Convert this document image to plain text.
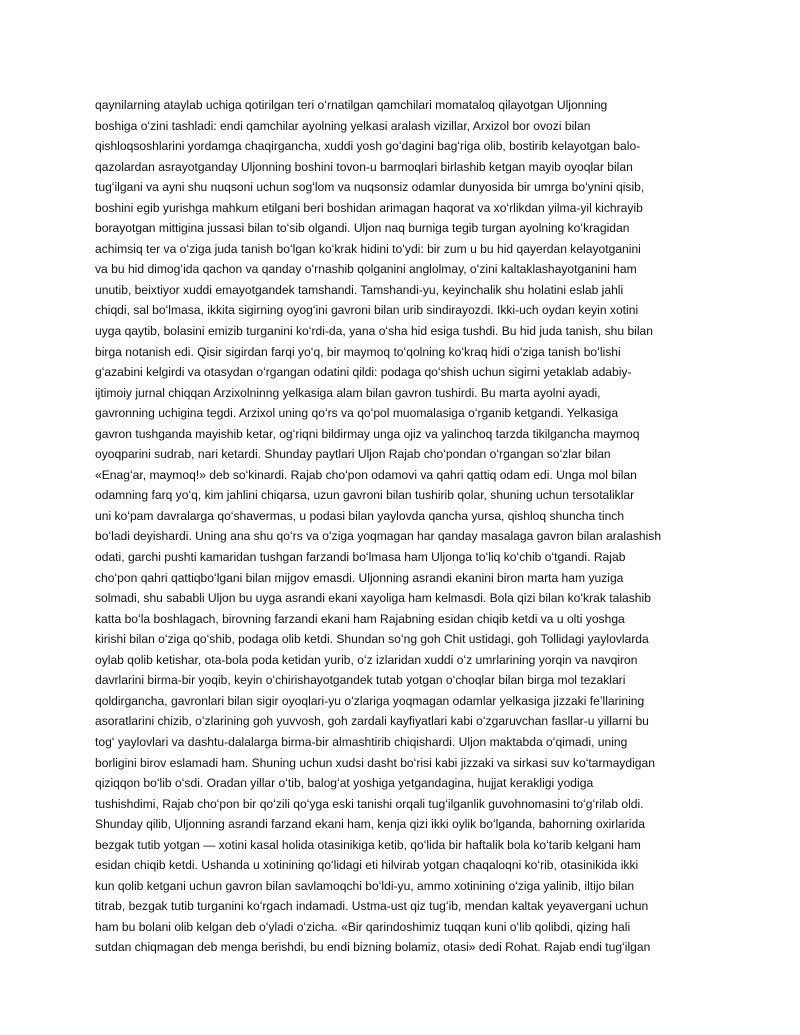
qaynilarning ataylab uchiga qotirilgan teri oʻrnatilgan qamchilari momataloq qilayotgan Uljonning
boshiga oʻzini tashladi: endi qamchilar ayolning yelkasi aralash vizillar, Arxizol bor ovozi bilan
qishloqsoshlarini yordamga chaqirgancha, xuddi yosh goʻdagini bagʻriga olib, bostirib kelayotgan balo-
qazolardan asrayotganday Uljonning boshini tovon-u barmoqlari birlashib ketgan mayib oyoqlar bilan
tugʻilgani va ayni shu nuqsoni uchun sogʻlom va nuqsonsiz odamlar dunyosida bir umrga boʻynini qisib,
boshini egib yurishga mahkum etilgani beri boshidan arimagan haqorat va xoʻrlikdan yilma-yil kichrayib
borayotgan mittigina jussasi bilan toʻsib olgandi. Uljon naq burniga tegib turgan ayolning koʻkragidan
achimsiq ter va oʻziga juda tanish boʻlgan koʻkrak hidini toʻydi: bir zum u bu hid qayerdan kelayotganini
va bu hid dimogʻida qachon va qanday oʻrnashib qolganini anglolmay, oʻzini kaltaklashayotganini ham
unutib, beixtiyor xuddi emayotgandek tamshandi. Tamshandi-yu, keyinchalik shu holatini eslab jahli
chiqdi, sal boʻlmasa, ikkita sigirning oyogʻini gavroni bilan urib sindirayozdi. Ikki-uch oydan keyin xotini
uyga qaytib, bolasini emizib turganini koʻrdi-da, yana oʻsha hid esiga tushdi. Bu hid juda tanish, shu bilan
birga notanish edi. Qisir sigirdan farqi yoʻq, bir maymoq toʻqolning koʻkraq hidi oʻziga tanish boʻlishi
gʻazabini kelgirdi va otasydan oʻrgangan odatini qildi: podaga qoʻshish uchun sigirni yetaklab adabiy-
ijtimoiy jurnal chiqqan Arzixolninng yelkasiga alam bilan gavron tushirdi. Bu marta ayolni ayadi,
gavronning uchigina tegdi. Arzixol uning qoʻrs va qoʻpol muomalasiga oʻrganib ketgandi. Yelkasiga
gavron tushganda mayishib ketar, ogʻriqni bildirmay unga ojiz va yalinchoq tarzda tikilgancha maymoq
oyoqparini sudrab, nari ketardi. Shunday paytlari Uljon Rajab choʻpondan oʻrgangan soʻzlar bilan
«Enagʻar, maymoq!» deb soʻkinardi. Rajab choʻpon odamovi va qahri qattiq odam edi. Unga mol bilan
odamning farq yoʻq, kim jahlini chiqarsa, uzun gavroni bilan tushirib qolar, shuning uchun tersotaliklar
uni koʻpam davralarga qoʻshavermas, u podasi bilan yaylovda qancha yursa, qishloq shuncha tinch
boʻladi deyishardi. Uning ana shu qoʻrs va oʻziga yoqmagan har qanday masalaga gavron bilan aralashish
odati, garchi pushti kamaridan tushgan farzandi boʻlmasa ham Uljonga toʻliq koʻchib oʻtgandi. Rajab
choʻpon qahri qattiqboʻlgani bilan mijgov emasdi. Uljonning asrandi ekanini biron marta ham yuziga
solmadi, shu sababli Uljon bu uyga asrandi ekani xayoliga ham kelmasdi. Bola qizi bilan koʻkrak talashib
katta boʻla boshlagach, birovning farzandi ekani ham Rajabning esidan chiqib ketdi va u olti yoshga
kirishi bilan oʻziga qoʻshib, podaga olib ketdi. Shundan soʻng goh Chit ustidagi, goh Tollidagi yaylovlarda
oylab qolib ketishar, ota-bola poda ketidan yurib, oʻz izlaridan xuddi oʻz umrlarining yorqin va navqiron
davrlarini birma-bir yoqib, keyin oʻchirishayotgandek tutab yotgan oʻchoqlar bilan birga mol tezaklari
qoldirgancha, gavronlari bilan sigir oyoqlari-yu oʻzlariga yoqmagan odamlar yelkasiga jizzaki feʼllarining
asoratlarini chizib, oʻzlarining goh yuvvosh, goh zardali kayfiyatlari kabi oʻzgaruvchan fasllar-u yillarni bu
togʻ yaylovlari va dashtu-dalalarga birma-bir almashtirib chiqishardi. Uljon maktabda oʻqimadi, uning
borligini birov eslamadi ham. Shuning uchun xudsi dasht boʻrisi kabi jizzaki va sirkasi suv koʻtarmaydigan
qiziqqon boʻlib oʻsdi. Oradan yillar oʻtib, balogʻat yoshiga yetgandagina, hujjat kerakligi yodiga
tushishdimi, Rajab choʻpon bir qoʻzili qoʻyga eski tanishi orqali tugʻilganlik guvohnomasini toʻgʻrilab oldi.
Shunday qilib, Uljonning asrandi farzand ekani ham, kenja qizi ikki oylik boʻlganda, bahorning oxirlarida
bezgak tutib yotgan — xotini kasal holida otasinikiga ketib, qoʻlida bir haftalik bola koʻtarib kelgani ham
esidan chiqib ketdi. Ushanda u xotinining qoʻlidagi eti hilvirab yotgan chaqaloqni koʻrib, otasinikida ikki
kun qolib ketgani uchun gavron bilan savlamoqchi boʻldi-yu, ammo xotinining oʻziga yalinib, iltijo bilan
titrab, bezgak tutib turganini koʻrgach indamadi. Ustma-ust qiz tugʻib, mendan kaltak yeyavergani uchun
ham bu bolani olib kelgan deb oʻyladi oʻzicha. «Bir qarindoshimiz tuqqan kuni oʻlib qolibdi, qizing hali
sutdan chiqmagan deb menga berishdi, bu endi bizning bolamiz, otasi» dedi Rohat. Rajab endi tugʻilgan
